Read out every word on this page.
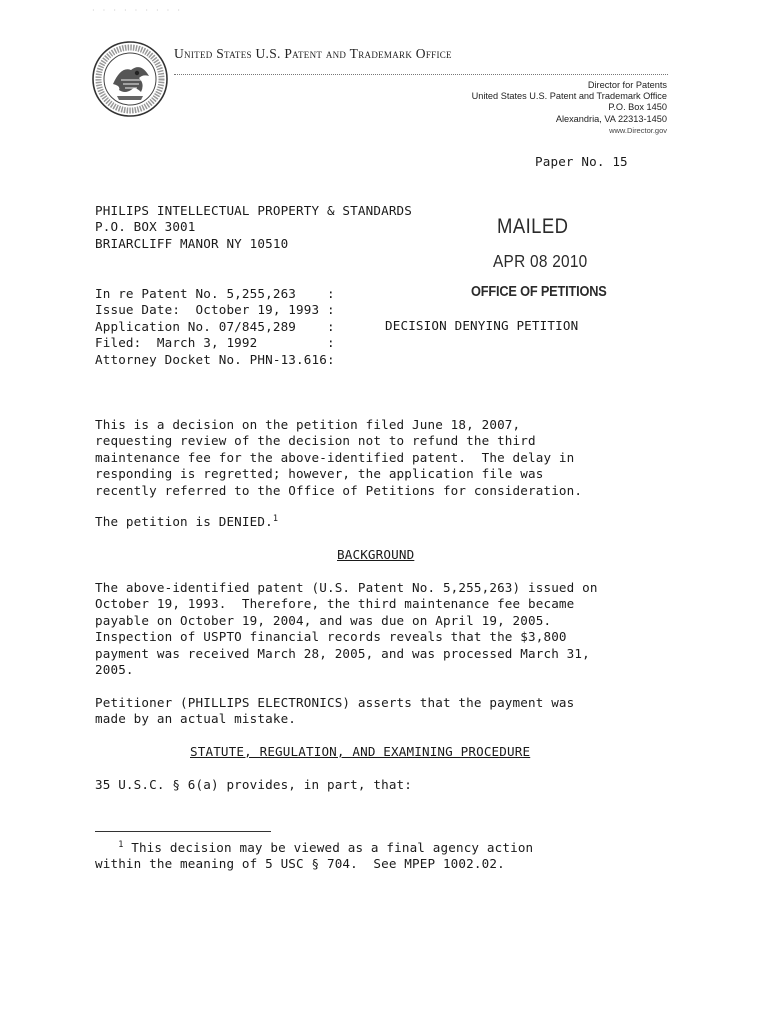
· · · · · · · · ·
United States U.S. Patent and Trademark Office
Director for Patents
United States U.S. Patent and Trademark Office
P.O. Box 1450
Alexandria, VA 22313-1450
www.Director.gov
Paper No. 15
PHILIPS INTELLECTUAL PROPERTY & STANDARDS
P.O. BOX 3001
BRIARCLIFF MANOR NY 10510
MAILED
APR 08 2010
OFFICE OF PETITIONS
In re Patent No. 5,255,263    :
Issue Date:  October 19, 1993 :
Application No. 07/845,289    :
Filed:  March 3, 1992         :
Attorney Docket No. PHN-13.616:
DECISION DENYING PETITION
This is a decision on the petition filed June 18, 2007,
requesting review of the decision not to refund the third
maintenance fee for the above-identified patent.  The delay in
responding is regretted; however, the application file was
recently referred to the Office of Petitions for consideration.
The petition is DENIED.$^1$
BACKGROUND
The above-identified patent (U.S. Patent No. 5,255,263) issued on
October 19, 1993.  Therefore, the third maintenance fee became
payable on October 19, 2004, and was due on April 19, 2005.
Inspection of USPTO financial records reveals that the $3,800
payment was received March 28, 2005, and was processed March 31,
2005.
Petitioner (PHILLIPS ELECTRONICS) asserts that the payment was
made by an actual mistake.
STATUTE, REGULATION, AND EXAMINING PROCEDURE
35 U.S.C. § 6(a) provides, in part, that:
$^1$ This decision may be viewed as a final agency action
within the meaning of 5 USC § 704.  See MPEP 1002.02.
